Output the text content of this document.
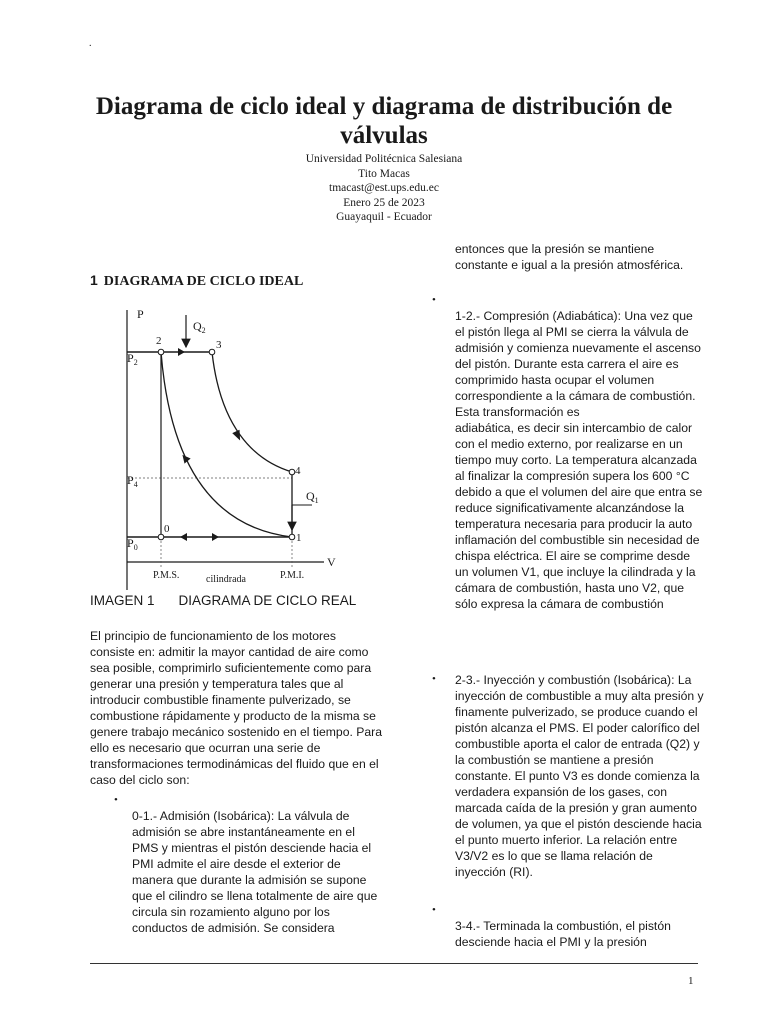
.
Diagrama de ciclo ideal y diagrama de distribución de válvulas
Universidad Politécnica Salesiana
Tito Macas
tmacast@est.ups.edu.ec
Enero 25 de 2023
Guayaquil - Ecuador
1 DIAGRAMA DE CICLO IDEAL
P
V
$P_2$
$P_4$
$P_0$
$Q_2$
$Q_1$
0
1
2	3
4
P.M.S.	cilindrada	P.M.I.
IMAGEN 1 DIAGRAMA DE CICLO REAL

El principio de funcionamiento de los motores consiste en: admitir la mayor cantidad de aire como sea posible, comprimirlo suficientemente como para generar una presión y temperatura tales que al introducir combustible finamente pulverizado, se combustione rápidamente y producto de la misma se genere trabajo mecánico sostenido en el tiempo. Para ello es necesario que ocurran una serie de transformaciones termodinámicas del fluido que en el caso del ciclo son:

•

0-1.- Admisión (Isobárica): La válvula de admisión se abre instantáneamente en el PMS y mientras el pistón desciende hacia el PMI admite el aire desde el exterior de manera que durante la admisión se supone que el cilindro se llena totalmente de aire que circula sin rozamiento alguno por los conductos de admisión. Se considera

entonces que la presión se mantiene constante e igual a la presión atmosférica.

•

1-2.- Compresión (Adiabática): Una vez que el pistón llega al PMI se cierra la válvula de admisión y comienza nuevamente el ascenso del pistón. Durante esta carrera el aire es comprimido hasta ocupar el volumen correspondiente a la cámara de combustión. Esta transformación es

adiabática, es decir sin intercambio de calor con el medio externo, por realizarse en un tiempo muy corto. La temperatura alcanzada al finalizar la compresión supera los 600 °C debido a que el volumen del aire que entra se reduce significativamente alcanzándose la temperatura necesaria para producir la auto inflamación del combustible sin necesidad de chispa eléctrica. El aire se comprime desde un volumen V1, que incluye la cilindrada y la cámara de combustión, hasta uno V2, que sólo expresa la cámara de combustión

• 2-3.- Inyección y combustión (Isobárica): La inyección de combustible a muy alta presión y finamente pulverizado, se produce cuando el pistón alcanza el PMS. El poder calorífico del combustible aporta el calor de entrada (Q2) y la combustión se mantiene a presión

constante. El punto V3 es donde comienza la verdadera expansión de los gases, con marcada caída de la presión y gran aumento de volumen, ya que el pistón desciende hacia el punto muerto inferior. La relación entre V3/V2 es lo que se llama relación de inyección (RI).

•

3-4.- Terminada la combustión, el pistón desciende hacia el PMI y la presión

1
